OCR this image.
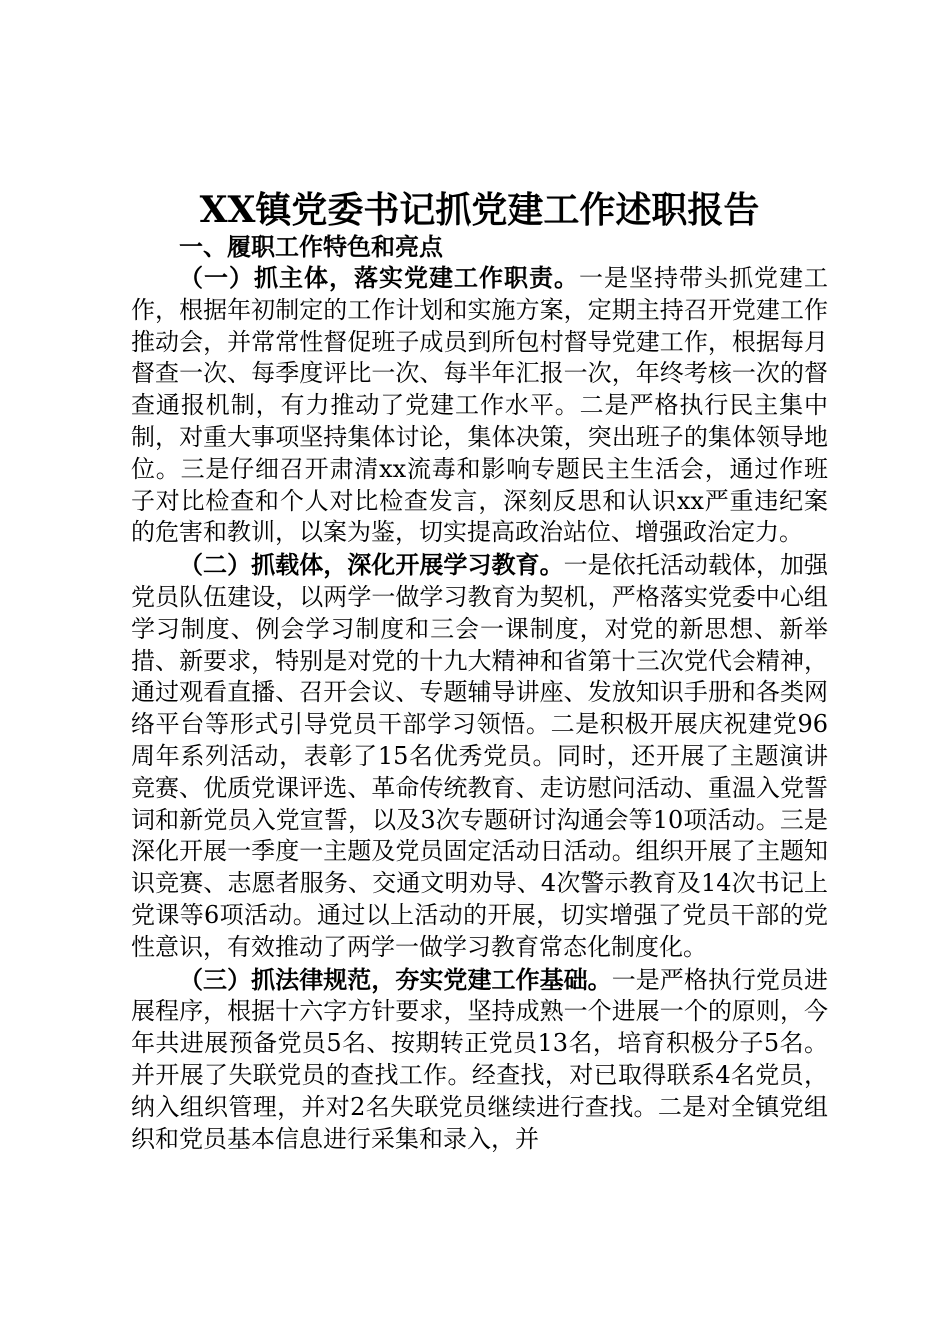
XX镇党委书记抓党建工作述职报告
一、履职工作特色和亮点

（一）抓主体，落实党建工作职责。一是坚持带头抓党建工作，根据年初制定的工作计划和实施方案，定期主持召开党建工作推动会，并常常性督促班子成员到所包村督导党建工作，根据每月督查一次、每季度评比一次、每半年汇报一次，年终考核一次的督查通报机制，有力推动了党建工作水平。二是严格执行民主集中制，对重大事项坚持集体讨论，集体决策，突出班子的集体领导地位。三是仔细召开肃清xx流毒和影响专题民主生活会，通过作班子对比检查和个人对比检查发言，深刻反思和认识xx严重违纪案的危害和教训，以案为鉴，切实提高政治站位、增强政治定力。

（二）抓载体，深化开展学习教育。一是依托活动载体，加强党员队伍建设，以两学一做学习教育为契机，严格落实党委中心组学习制度、例会学习制度和三会一课制度，对党的新思想、新举措、新要求，特别是对党的十九大精神和省第十三次党代会精神，通过观看直播、召开会议、专题辅导讲座、发放知识手册和各类网络平台等形式引导党员干部学习领悟。二是积极开展庆祝建党96周年系列活动，表彰了15名优秀党员。同时，还开展了主题演讲竞赛、优质党课评选、革命传统教育、走访慰问活动、重温入党誓词和新党员入党宣誓，以及3次专题研讨沟通会等10项活动。三是深化开展一季度一主题及党员固定活动日活动。组织开展了主题知识竞赛、志愿者服务、交通文明劝导、4次警示教育及14次书记上党课等6项活动。通过以上活动的开展，切实增强了党员干部的党性意识，有效推动了两学一做学习教育常态化制度化。

（三）抓法律规范，夯实党建工作基础。一是严格执行党员进展程序，根据十六字方针要求，坚持成熟一个进展一个的原则，今年共进展预备党员5名、按期转正党员13名，培育积极分子5名。并开展了失联党员的查找工作。经查找，对已取得联系4名党员，纳入组织管理，并对2名失联党员继续进行查找。二是对全镇党组织和党员基本信息进行采集和录入，并
